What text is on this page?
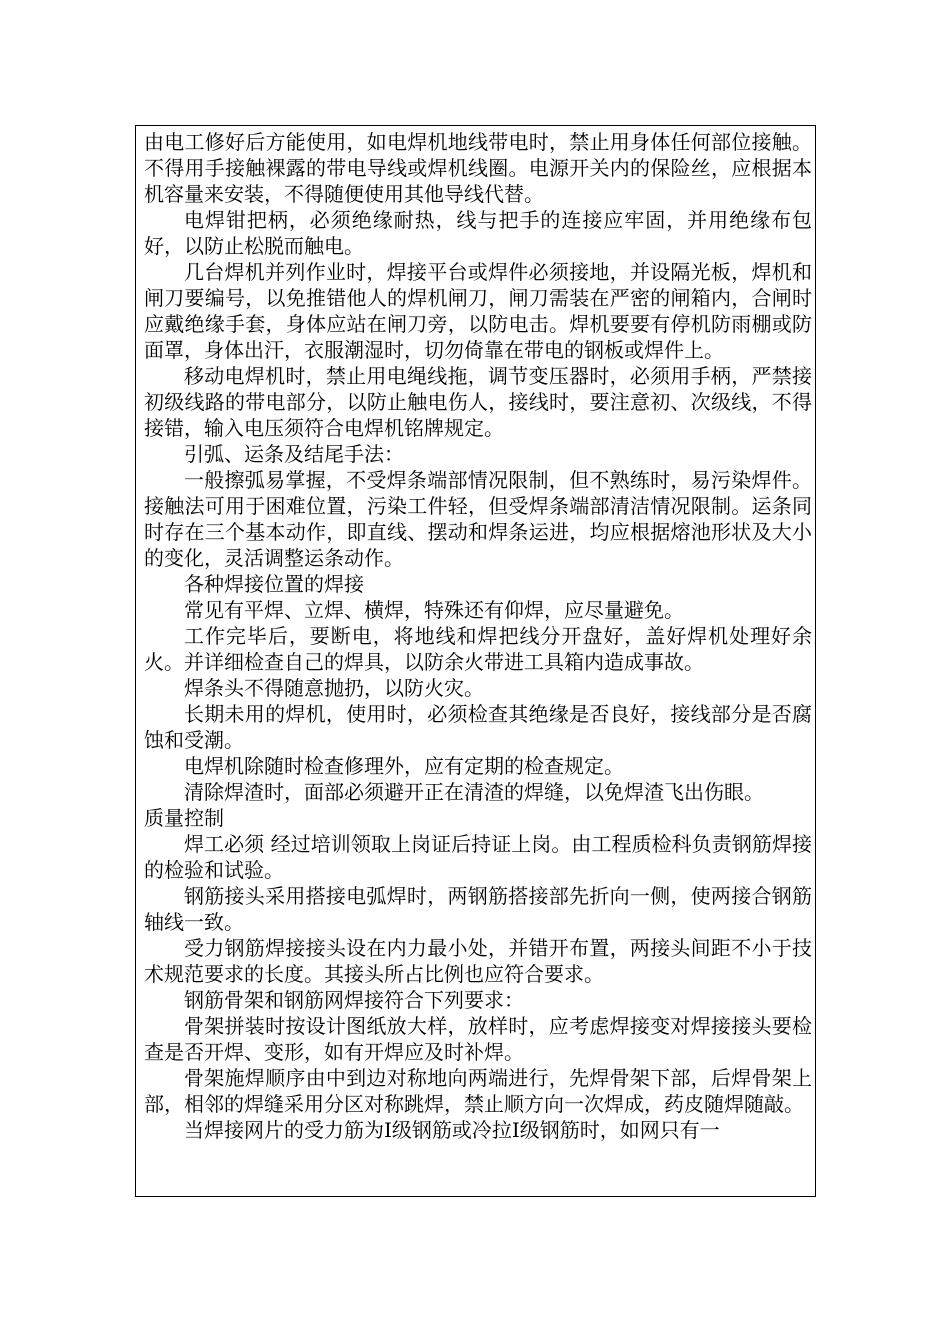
由电工修好后方能使用，如电焊机地线带电时，禁止用身体任何部位接触。不得用手接触裸露的带电导线或焊机线圈。电源开关内的保险丝，应根据本机容量来安装，不得随便使用其他导线代替。

电焊钳把柄，必须绝缘耐热，线与把手的连接应牢固，并用绝缘布包好，以防止松脱而触电。

几台焊机并列作业时，焊接平台或焊件必须接地，并设隔光板，焊机和闸刀要编号，以免推错他人的焊机闸刀，闸刀需装在严密的闸箱内，合闸时应戴绝缘手套，身体应站在闸刀旁，以防电击。焊机要要有停机防雨棚或防面罩，身体出汗，衣服潮湿时，切勿倚靠在带电的钢板或焊件上。

移动电焊机时，禁止用电绳线拖，调节变压器时，必须用手柄，严禁接初级线路的带电部分，以防止触电伤人，接线时，要注意初、次级线，不得接错，输入电压须符合电焊机铭牌规定。

引弧、运条及结尾手法：

一般擦弧易掌握，不受焊条端部情况限制，但不熟练时，易污染焊件。接触法可用于困难位置，污染工件轻，但受焊条端部清洁情况限制。运条同时存在三个基本动作，即直线、摆动和焊条运进，均应根据熔池形状及大小的变化，灵活调整运条动作。

各种焊接位置的焊接

常见有平焊、立焊、横焊，特殊还有仰焊，应尽量避免。

工作完毕后，要断电，将地线和焊把线分开盘好，盖好焊机处理好余火。并详细检查自己的焊具，以防余火带进工具箱内造成事故。

焊条头不得随意抛扔，以防火灾。

长期未用的焊机，使用时，必须检查其绝缘是否良好，接线部分是否腐蚀和受潮。

电焊机除随时检查修理外，应有定期的检查规定。

清除焊渣时，面部必须避开正在清渣的焊缝，以免焊渣飞出伤眼。

质量控制

焊工必须 经过培训领取上岗证后持证上岗。由工程质检科负责钢筋焊接的检验和试验。

钢筋接头采用搭接电弧焊时，两钢筋搭接部先折向一侧，使两接合钢筋轴线一致。

受力钢筋焊接接头设在内力最小处，并错开布置，两接头间距不小于技术规范要求的长度。其接头所占比例也应符合要求。

钢筋骨架和钢筋网焊接符合下列要求：

骨架拼装时按设计图纸放大样，放样时，应考虑焊接变对焊接接头要检查是否开焊、变形，如有开焊应及时补焊。

骨架施焊顺序由中到边对称地向两端进行，先焊骨架下部，后焊骨架上部，相邻的焊缝采用分区对称跳焊，禁止顺方向一次焊成，药皮随焊随敲。

当焊接网片的受力筋为I级钢筋或冷拉I级钢筋时，如网只有一
